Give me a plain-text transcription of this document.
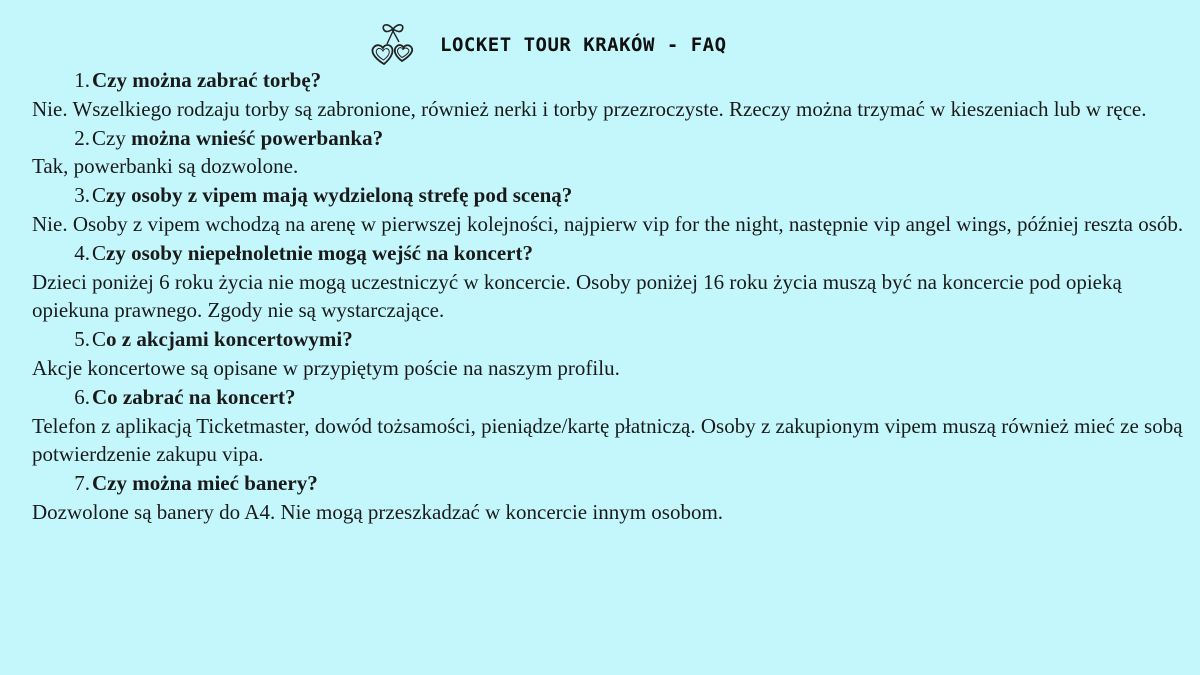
LOCKET TOUR KRAKÓW - FAQ
1.Czy można zabrać torbę?

Nie. Wszelkiego rodzaju torby są zabronione, również nerki i torby przezroczyste. Rzeczy można trzymać w kieszeniach lub w ręce.

2.Czy można wnieść powerbanka?

Tak, powerbanki są dozwolone.

3.Czy osoby z vipem mają wydzieloną strefę pod sceną?

Nie. Osoby z vipem wchodzą na arenę w pierwszej kolejności, najpierw vip for the night, następnie vip angel wings, później reszta osób.

4.Czy osoby niepełnoletnie mogą wejść na koncert?

Dzieci poniżej 6 roku życia nie mogą uczestniczyć w koncercie. Osoby poniżej 16 roku życia muszą być na koncercie pod opieką opiekuna prawnego. Zgody nie są wystarczające.

5.Co z akcjami koncertowymi?

Akcje koncertowe są opisane w przypiętym poście na naszym profilu.

6.Co zabrać na koncert?

Telefon z aplikacją Ticketmaster, dowód tożsamości, pieniądze/kartę płatniczą. Osoby z zakupionym vipem muszą również mieć ze sobą potwierdzenie zakupu vipa.

7.Czy można mieć banery?

Dozwolone są banery do A4. Nie mogą przeszkadzać w koncercie innym osobom.
